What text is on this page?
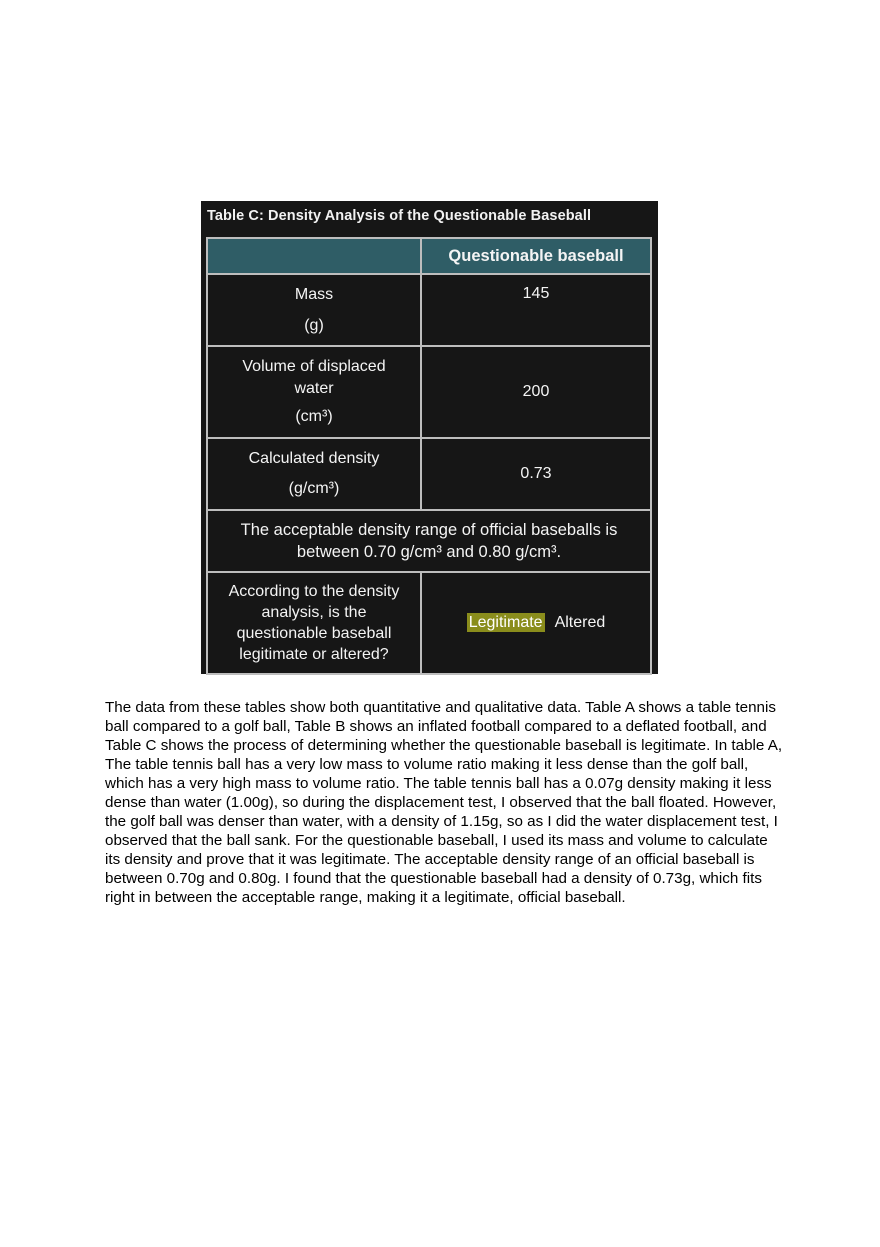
Table C: Density Analysis of the Questionable Baseball
	Questionable baseball

Mass
(g)	145

Volume of displaced water
(cm³)	200

Calculated density
(g/cm³)	0.73
The acceptable density range of official baseballs is between 0.70 g/cm³ and 0.80 g/cm³.	
According to the density analysis, is the questionable baseball legitimate or altered?	Legitimate Altered
The data from these tables show both quantitative and qualitative data. Table A shows a table tennis ball compared to a golf ball, Table B shows an inflated football compared to a deflated football, and Table C shows the process of determining whether the questionable baseball is legitimate. In table A, The table tennis ball has a very low mass to volume ratio making it less dense than the golf ball, which has a very high mass to volume ratio. The table tennis ball has a 0.07g density making it less dense than water (1.00g), so during the displacement test, I observed that the ball floated. However, the golf ball was denser than water, with a density of 1.15g, so as I did the water displacement test, I observed that the ball sank. For the questionable baseball, I used its mass and volume to calculate its density and prove that it was legitimate. The acceptable density range of an official baseball is between 0.70g and 0.80g. I found that the questionable baseball had a density of 0.73g, which fits right in between the acceptable range, making it a legitimate, official baseball.
